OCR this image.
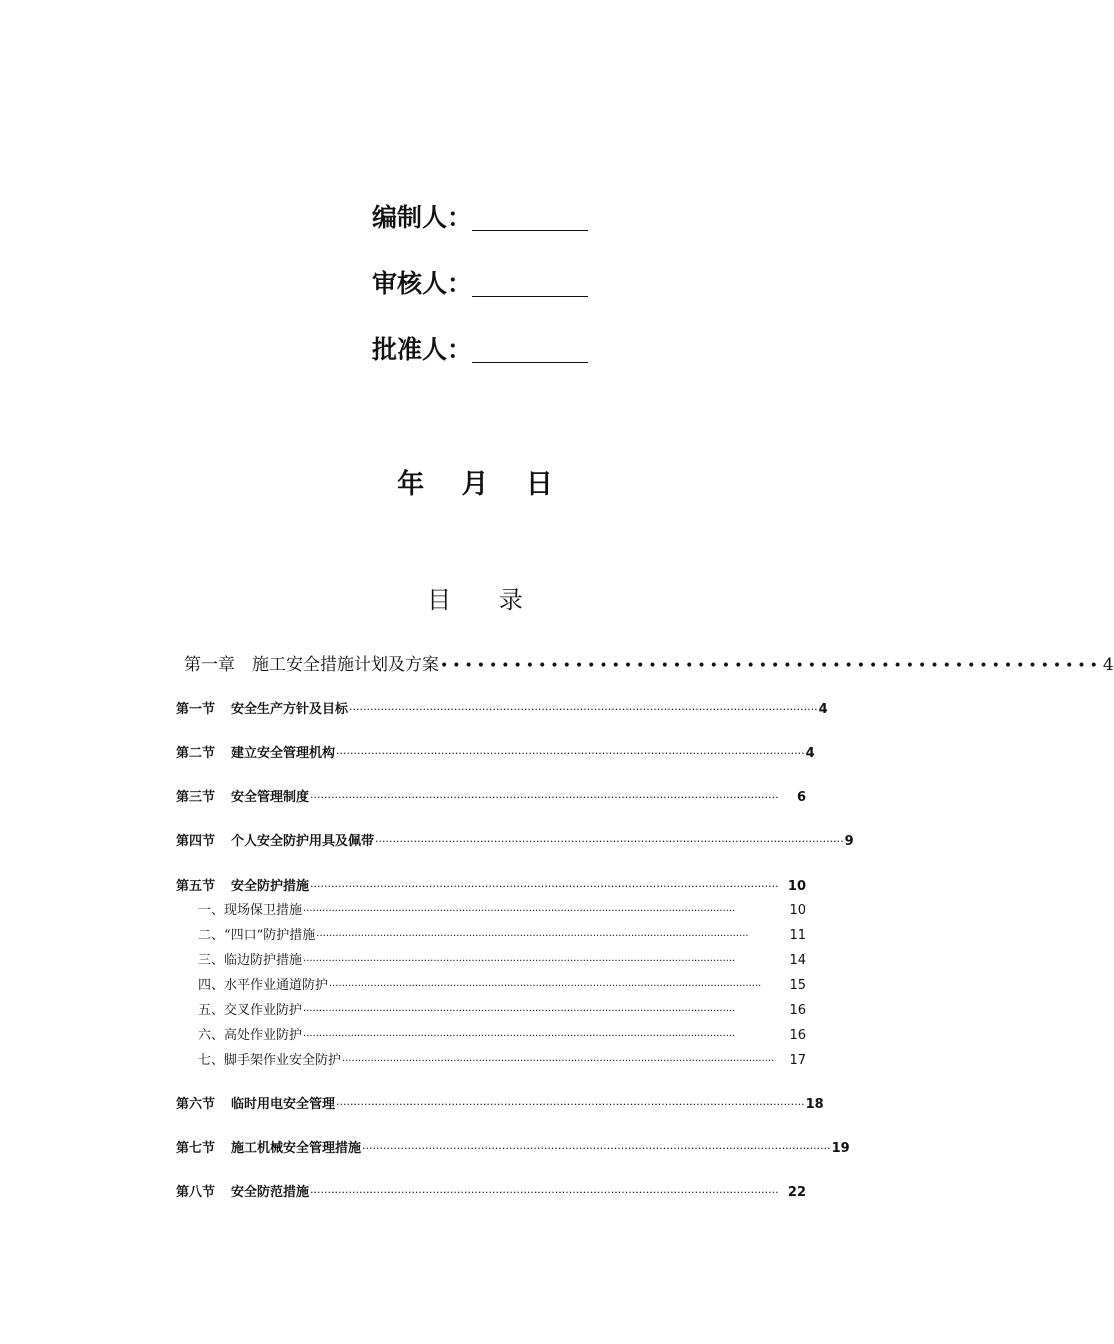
编制人：
审核人：
批准人：
年 月 日
目 录
第一章　施工安全措施计划及方案 •••••••••••••••••••••••••••••••••••••••••••••••••••••• 4
第一节 安全生产方针及目标 ······································································································································ 4
第二节 建立安全管理机构 ······································································································································ 4
第三节 安全管理制度 ······································································································································	6
第四节 个人安全防护用具及佩带 ······································································································································ 9
第五节 安全防护措施 ······································································································································ 10
一、现场保卫措施 ········································································································································	10
二、“四口”防护措施 ········································································································································	11
三、临边防护措施 ········································································································································	14
四、水平作业通道防护 ········································································································································	15
五、交叉作业防护 ········································································································································	16
六、高处作业防护 ········································································································································	16
七、脚手架作业安全防护 ········································································································································	17
第六节 临时用电安全管理 ······································································································································ 18
第七节 施工机械安全管理措施 ······································································································································ 19
第八节 安全防范措施 ······································································································································ 22
